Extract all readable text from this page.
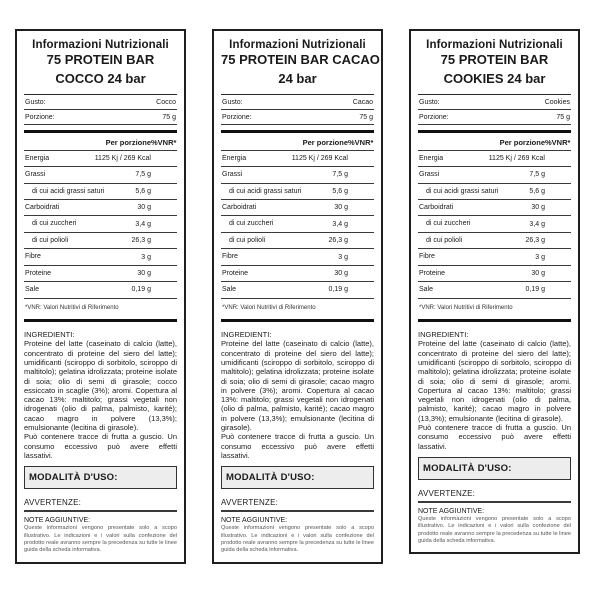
Informazioni Nutrizionali
75 PROTEIN BAR
COCCO 24 bar
Gusto:	Cocco
Porzione:	75 g
Per porzione %VNR*
Energia	1125 Kj / 269 Kcal
Grassi	7,5 g
di cui acidi grassi saturi	5,6 g
Carboidrati	30 g
di cui zuccheri	3,4 g
di cui polioli	26,3 g
Fibre	3 g
Proteine	30 g
Sale	0,19 g
*VNR: Valori Nutritivi di Riferimento
INGREDIENTI:
Proteine del latte (caseinato di calcio (latte), concentrato di proteine del siero del latte); umidificanti (sciroppo di sorbitolo, sciroppo di maltitolo); gelatina idrolizzata; proteine isolate di soia; olio di semi di girasole; cocco essiccato in scaglie (3%); aromi. Copertura al cacao 13%: maltitolo; grassi vegetali non idrogenati (olio di palma, palmisto, karité); cacao magro in polvere (13,3%); emulsionante (lecitina di girasole).
Può contenere tracce di frutta a guscio. Un consumo eccessivo può avere effetti lassativi.
MODALITÀ D'USO:
AVVERTENZE:
NOTE AGGIUNTIVE:
Queste informazioni vengono presentate solo a scopo illustrativo. Le indicazioni e i valori sulla confezione del prodotto reale avranno sempre la precedenza su tutte le linee guida della scheda informativa.
Informazioni Nutrizionali
75 PROTEIN BAR CACAO
24 bar
Gusto:	Cacao
Porzione:	75 g
Per porzione %VNR*
Energia	1125 Kj / 269 Kcal
Grassi	7,5 g
di cui acidi grassi saturi	5,6 g
Carboidrati	30 g
di cui zuccheri	3,4 g
di cui polioli	26,3 g
Fibre	3 g
Proteine	30 g
Sale	0,19 g
*VNR: Valori Nutritivi di Riferimento
INGREDIENTI:
Proteine del latte (caseinato di calcio (latte), concentrato di proteine del siero del latte); umidificanti (sciroppo di sorbitolo, sciroppo di maltitolo); gelatina idrolizzata; proteine isolate di soia; olio di semi di girasole; cacao magro in polvere (3%); aromi. Copertura al cacao 13%: maltitolo; grassi vegetali non idrogenati (olio di palma, palmisto, karité); cacao magro in polvere (13,3%); emulsionante (lecitina di girasole).
Può contenere tracce di frutta a guscio. Un consumo eccessivo può avere effetti lassativi.
MODALITÀ D'USO:
AVVERTENZE:
NOTE AGGIUNTIVE:
Queste informazioni vengono presentate solo a scopo illustrativo. Le indicazioni e i valori sulla confezione del prodotto reale avranno sempre la precedenza su tutte le linee guida della scheda informativa.
Informazioni Nutrizionali
75 PROTEIN BAR
COOKIES 24 bar
Gusto:	Cookies
Porzione:	75 g
Per porzione %VNR*
Energia	1125 Kj / 269 Kcal
Grassi	7,5 g
di cui acidi grassi saturi	5,6 g
Carboidrati	30 g
di cui zuccheri	3,4 g
di cui polioli	26,3 g
Fibre	3 g
Proteine	30 g
Sale	0,19 g
*VNR: Valori Nutritivi di Riferimento
INGREDIENTI:
Proteine del latte (caseinato di calcio (latte), concentrato di proteine del siero del latte); umidificanti (sciroppo di sorbitolo, sciroppo di maltitolo); gelatina idrolizzata; proteine isolate di soia; olio di semi di girasole; aromi. Copertura al cacao 13%: maltitolo; grassi vegetali non idrogenati (olio di palma, palmisto, karité); cacao magro in polvere (13,3%); emulsionante (lecitina di girasole).
Può contenere tracce di frutta a guscio. Un consumo eccessivo può avere effetti lassativi.
MODALITÀ D'USO:
AVVERTENZE:
NOTE AGGIUNTIVE:
Queste informazioni vengono presentate solo a scopo illustrativo. Le indicazioni e i valori sulla confezione del prodotto reale avranno sempre la precedenza su tutte le linee guida della scheda informativa.
